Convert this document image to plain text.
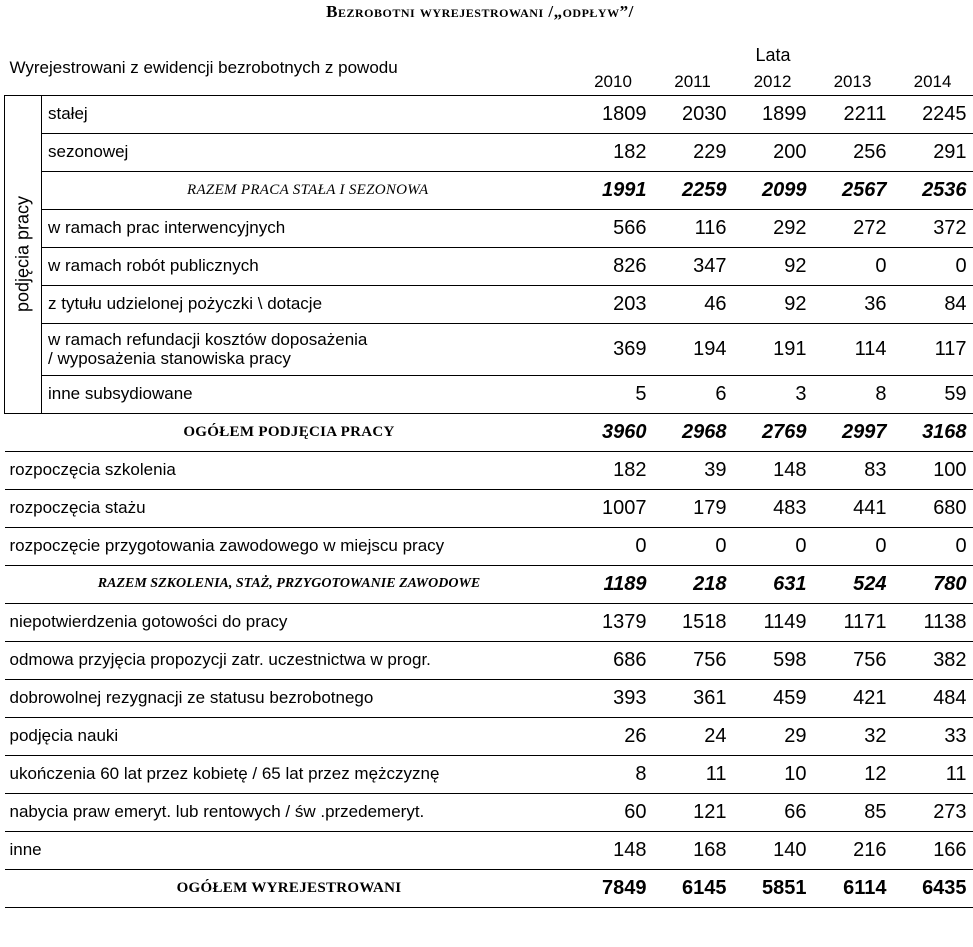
Bezrobotni wyrejestrowani /„odpływ”/
Wyrejestrowani z ewidencji bezrobotnych z powodu		Lata				
		2010	2011	2012	2013	2014

podjęcia pracy	stałej	1809	2030	1899	2211	2245
	sezonowej	182	229	200	256	291
	RAZEM PRACA STAŁA I SEZONOWA	1991	2259	2099	2567	2536
	w ramach prac interwencyjnych	566	116	292	272	372
	w ramach robót publicznych	826	347	92	0	0
	z tytułu udzielonej pożyczki \ dotacje	203	46	92	36	84
	w ramach refundacji kosztów doposażenia / wyposażenia stanowiska pracy	369	194	191	114	117
	inne subsydiowane	5	6	3	8	59
OGÓŁEM PODJĘCIA PRACY		3960	2968	2769	2997	3168
rozpoczęcia szkolenia		182	39	148	83	100
rozpoczęcia stażu		1007	179	483	441	680
rozpoczęcie przygotowania zawodowego w miejscu pracy		0	0	0	0	0
RAZEM SZKOLENIA, STAŻ, PRZYGOTOWANIE ZAWODOWE		1189	218	631	524	780
niepotwierdzenia gotowości do pracy		1379	1518	1149	1171	1138
odmowa przyjęcia propozycji zatr. uczestnictwa w progr.		686	756	598	756	382
dobrowolnej rezygnacji ze statusu bezrobotnego		393	361	459	421	484
podjęcia nauki		26	24	29	32	33
ukończenia 60 lat przez kobietę / 65 lat przez mężczyznę		8	11	10	12	11
nabycia praw emeryt. lub rentowych / św .przedemeryt.		60	121	66	85	273
inne		148	168	140	216	166
OGÓŁEM WYREJESTROWANI		7849	6145	5851	6114	6435
